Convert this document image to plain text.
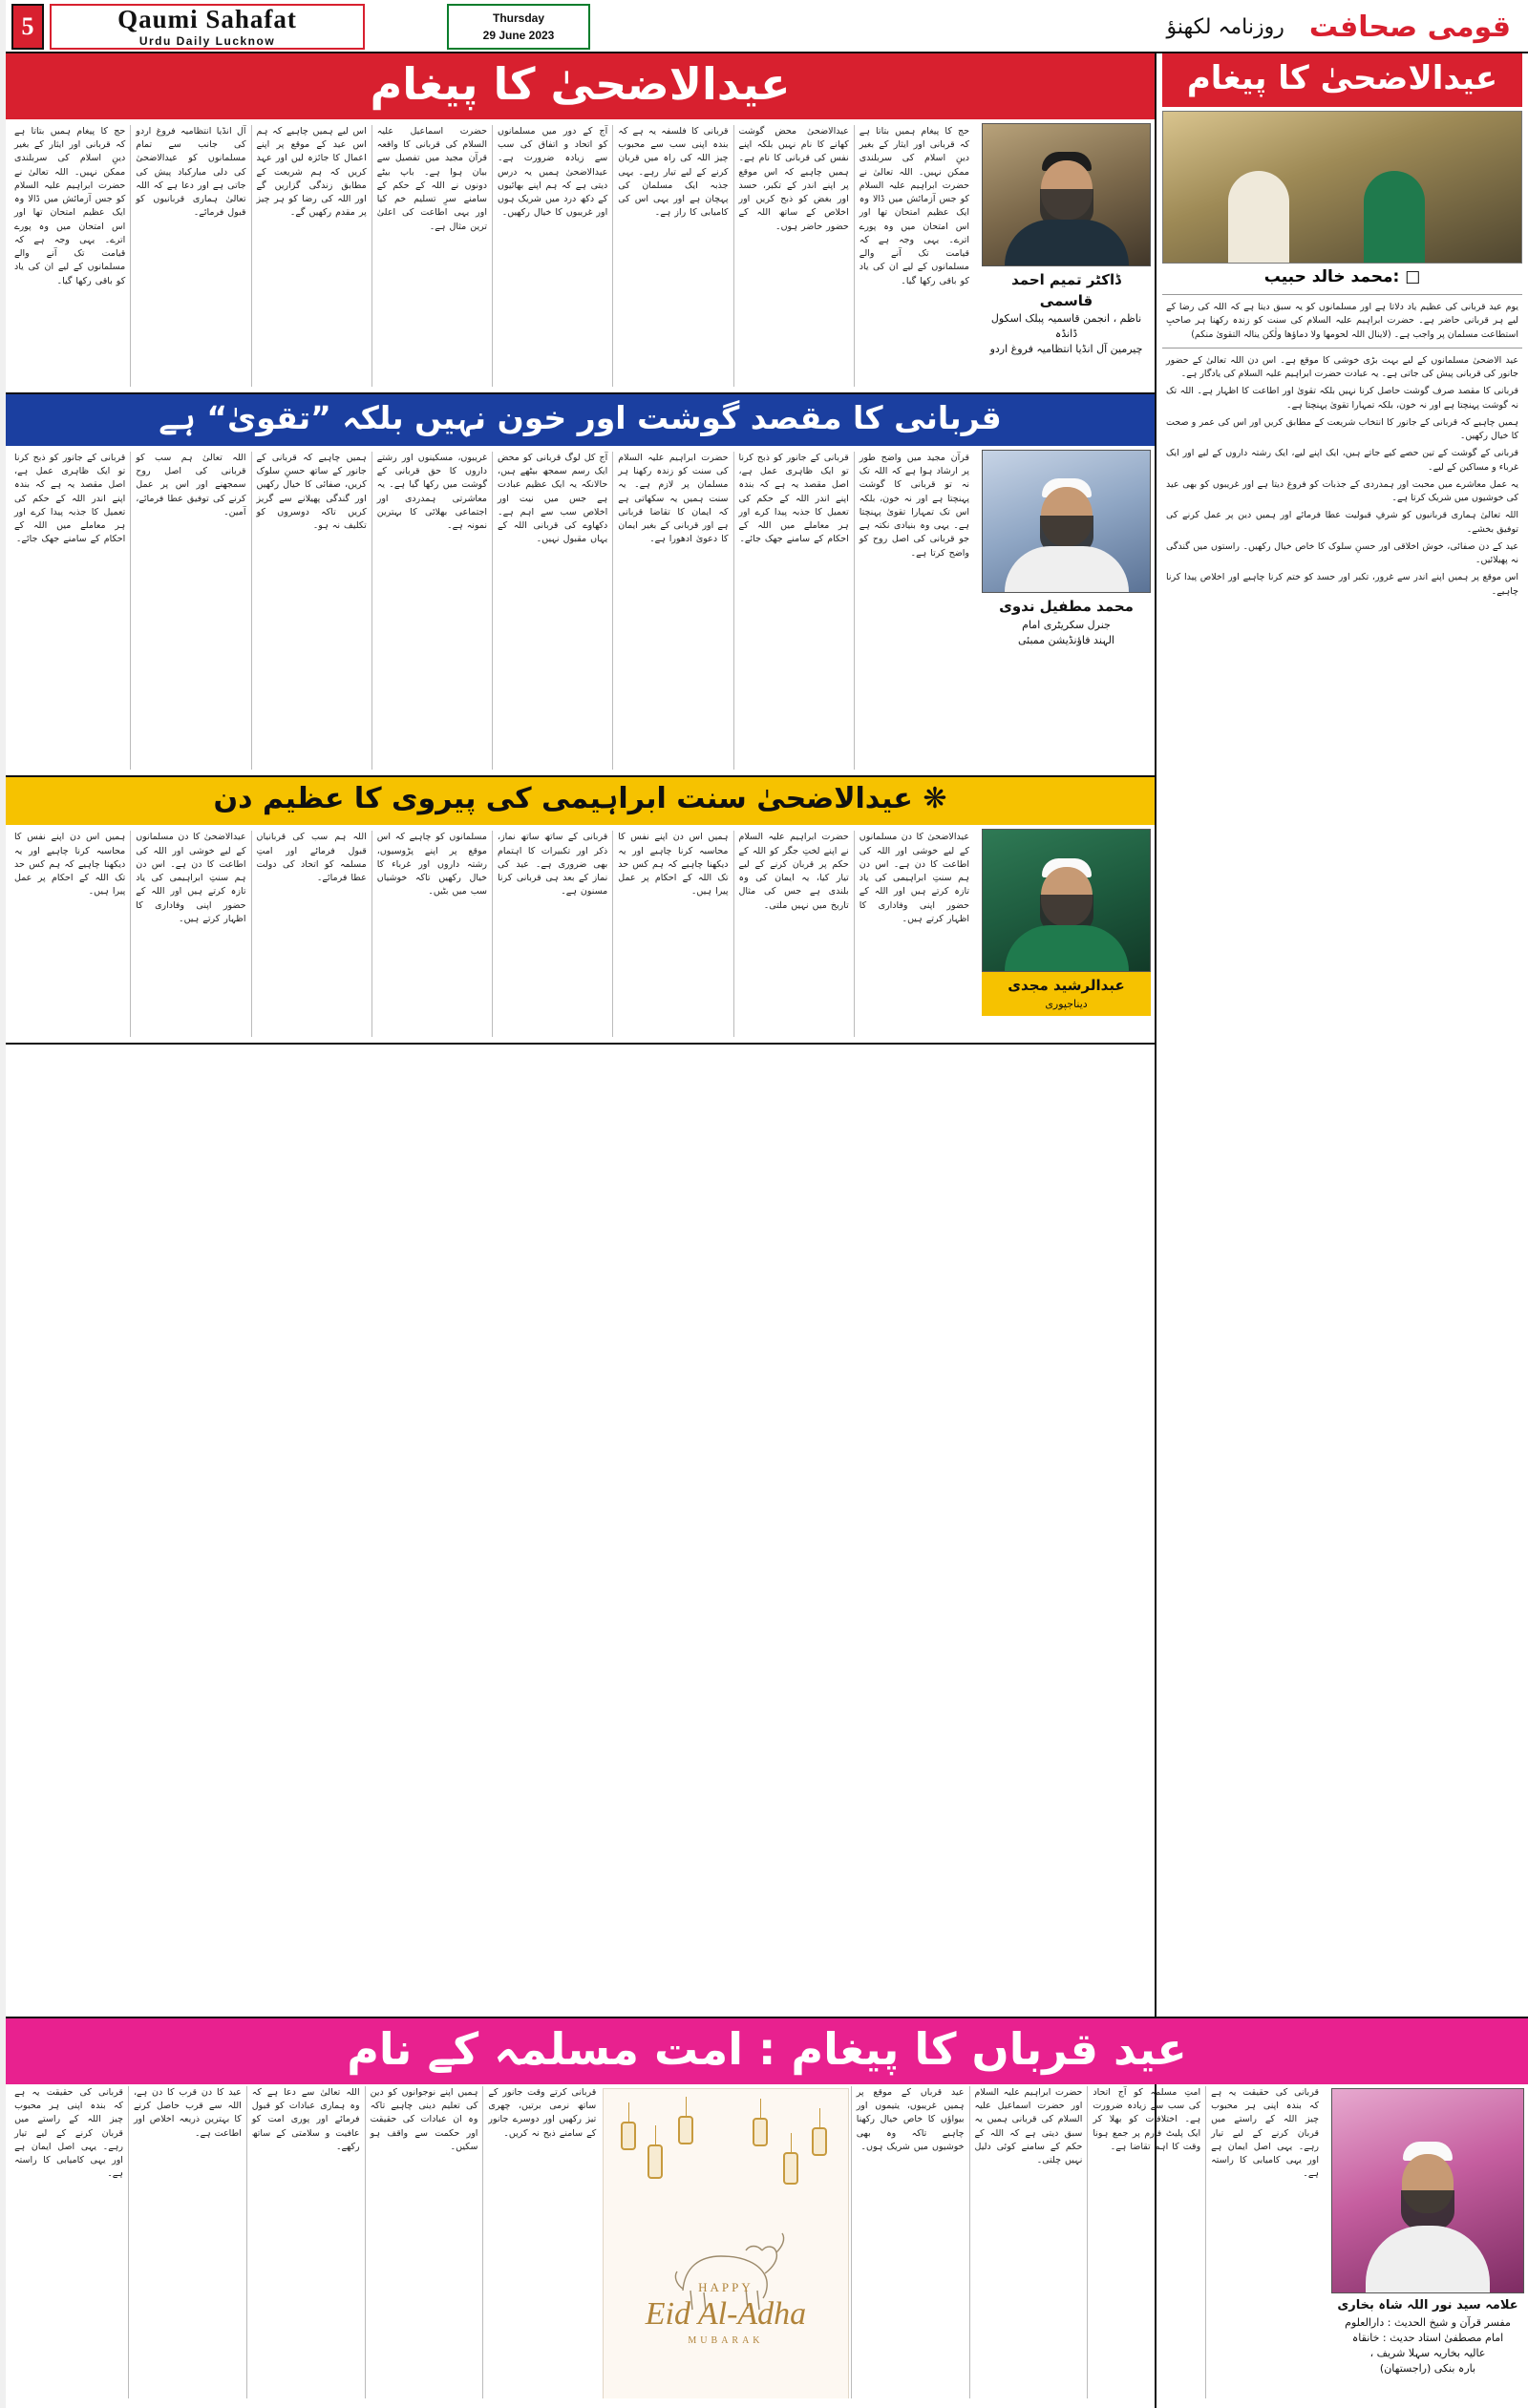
5	Qaumi Sahafat
Urdu Daily Lucknow
Thursday
29 June 2023	روزنامہ لکھنؤ قومی صحافت
عیدالاضحیٰ کا پیغام
ڈاکٹر تمیم احمد قاسمی
ناظم ، انجمن قاسمیہ پبلک اسکول ڈانڈہ
چیرمین آل انڈیا انتظامیہ فروغ اردو
حج کا پیغام ہمیں بتاتا ہے کہ قربانی اور ایثار کے بغیر دینِ اسلام کی سربلندی ممکن نہیں۔ اللہ تعالیٰ نے حضرت ابراہیم علیہ السلام کو جس آزمائش میں ڈالا وہ ایک عظیم امتحان تھا اور اس امتحان میں وہ پورے اترے۔ یہی وجہ ہے کہ قیامت تک آنے والے مسلمانوں کے لیے ان کی یاد کو باقی رکھا گیا۔
عیدالاضحیٰ محض گوشت کھانے کا نام نہیں بلکہ اپنے نفس کی قربانی کا نام ہے۔ ہمیں چاہیے کہ اس موقع پر اپنے اندر کے تکبر، حسد اور بغض کو ذبح کریں اور اخلاص کے ساتھ اللہ کے حضور حاضر ہوں۔
قربانی کا فلسفہ یہ ہے کہ بندہ اپنی سب سے محبوب چیز اللہ کی راہ میں قربان کرنے کے لیے تیار رہے۔ یہی جذبہ ایک مسلمان کی پہچان ہے اور یہی اس کی کامیابی کا راز ہے۔
آج کے دور میں مسلمانوں کو اتحاد و اتفاق کی سب سے زیادہ ضرورت ہے۔ عیدالاضحیٰ ہمیں یہ درس دیتی ہے کہ ہم اپنے بھائیوں کے دکھ درد میں شریک ہوں اور غریبوں کا خیال رکھیں۔
حضرت اسماعیل علیہ السلام کی قربانی کا واقعہ قرآن مجید میں تفصیل سے بیان ہوا ہے۔ باپ بیٹے دونوں نے اللہ کے حکم کے سامنے سرِ تسلیم خم کیا اور یہی اطاعت کی اعلیٰ ترین مثال ہے۔
اس لیے ہمیں چاہیے کہ ہم اس عید کے موقع پر اپنے اعمال کا جائزہ لیں اور عہد کریں کہ ہم شریعت کے مطابق زندگی گزاریں گے اور اللہ کی رضا کو ہر چیز پر مقدم رکھیں گے۔
آل انڈیا انتظامیہ فروغ اردو کی جانب سے تمام مسلمانوں کو عیدالاضحیٰ کی دلی مبارکباد پیش کی جاتی ہے اور دعا ہے کہ اللہ تعالیٰ ہماری قربانیوں کو قبول فرمائے۔
حج کا پیغام ہمیں بتاتا ہے کہ قربانی اور ایثار کے بغیر دینِ اسلام کی سربلندی ممکن نہیں۔ اللہ تعالیٰ نے حضرت ابراہیم علیہ السلام کو جس آزمائش میں ڈالا وہ ایک عظیم امتحان تھا اور اس امتحان میں وہ پورے اترے۔ یہی وجہ ہے کہ قیامت تک آنے والے مسلمانوں کے لیے ان کی یاد کو باقی رکھا گیا۔
قربانی کا مقصد گوشت اور خون نہیں بلکہ ”تقویٰ“ ہے
محمد مطفیل ندوی
جنرل سکریٹری امام
الہند فاؤنڈیشن ممبئی
قرآن مجید میں واضح طور پر ارشاد ہوا ہے کہ اللہ تک نہ تو قربانی کا گوشت پہنچتا ہے اور نہ خون، بلکہ اس تک تمہارا تقویٰ پہنچتا ہے۔ یہی وہ بنیادی نکتہ ہے جو قربانی کی اصل روح کو واضح کرتا ہے۔
قربانی کے جانور کو ذبح کرنا تو ایک ظاہری عمل ہے، اصل مقصد یہ ہے کہ بندہ اپنے اندر اللہ کے حکم کی تعمیل کا جذبہ پیدا کرے اور ہر معاملے میں اللہ کے احکام کے سامنے جھک جائے۔
حضرت ابراہیم علیہ السلام کی سنت کو زندہ رکھنا ہر مسلمان پر لازم ہے۔ یہ سنت ہمیں یہ سکھاتی ہے کہ ایمان کا تقاضا قربانی ہے اور قربانی کے بغیر ایمان کا دعویٰ ادھورا ہے۔
آج کل لوگ قربانی کو محض ایک رسم سمجھ بیٹھے ہیں، حالانکہ یہ ایک عظیم عبادت ہے جس میں نیت اور اخلاص سب سے اہم ہے۔ دکھاوے کی قربانی اللہ کے یہاں مقبول نہیں۔
غریبوں، مسکینوں اور رشتے داروں کا حق قربانی کے گوشت میں رکھا گیا ہے۔ یہ معاشرتی ہمدردی اور اجتماعی بھلائی کا بہترین نمونہ ہے۔
ہمیں چاہیے کہ قربانی کے جانور کے ساتھ حسنِ سلوک کریں، صفائی کا خیال رکھیں اور گندگی پھیلانے سے گریز کریں تاکہ دوسروں کو تکلیف نہ ہو۔
اللہ تعالیٰ ہم سب کو قربانی کی اصل روح سمجھنے اور اس پر عمل کرنے کی توفیق عطا فرمائے، آمین۔
قربانی کے جانور کو ذبح کرنا تو ایک ظاہری عمل ہے، اصل مقصد یہ ہے کہ بندہ اپنے اندر اللہ کے حکم کی تعمیل کا جذبہ پیدا کرے اور ہر معاملے میں اللہ کے احکام کے سامنے جھک جائے۔
❋ عیدالاضحیٰ سنت ابراہیمی کی پیروی کا عظیم دن
عبدالرشید مجدی
دیناجپوری
عیدالاضحیٰ کا دن مسلمانوں کے لیے خوشی اور اللہ کی اطاعت کا دن ہے۔ اس دن ہم سنتِ ابراہیمی کی یاد تازہ کرتے ہیں اور اللہ کے حضور اپنی وفاداری کا اظہار کرتے ہیں۔
حضرت ابراہیم علیہ السلام نے اپنے لختِ جگر کو اللہ کے حکم پر قربان کرنے کے لیے تیار کیا، یہ ایمان کی وہ بلندی ہے جس کی مثال تاریخ میں نہیں ملتی۔
ہمیں اس دن اپنے نفس کا محاسبہ کرنا چاہیے اور یہ دیکھنا چاہیے کہ ہم کس حد تک اللہ کے احکام پر عمل پیرا ہیں۔
قربانی کے ساتھ ساتھ نماز، ذکر اور تکبیرات کا اہتمام بھی ضروری ہے۔ عید کی نماز کے بعد ہی قربانی کرنا مسنون ہے۔
مسلمانوں کو چاہیے کہ اس موقع پر اپنے پڑوسیوں، رشتہ داروں اور غرباء کا خیال رکھیں تاکہ خوشیاں سب میں بٹیں۔
اللہ ہم سب کی قربانیاں قبول فرمائے اور امتِ مسلمہ کو اتحاد کی دولت عطا فرمائے۔
عیدالاضحیٰ کا دن مسلمانوں کے لیے خوشی اور اللہ کی اطاعت کا دن ہے۔ اس دن ہم سنتِ ابراہیمی کی یاد تازہ کرتے ہیں اور اللہ کے حضور اپنی وفاداری کا اظہار کرتے ہیں۔
ہمیں اس دن اپنے نفس کا محاسبہ کرنا چاہیے اور یہ دیکھنا چاہیے کہ ہم کس حد تک اللہ کے احکام پر عمل پیرا ہیں۔
عیدالاضحیٰ کا پیغام
□ :محمد خالد حبیب
یوم عید قربانی کی عظیم یاد دلاتا ہے اور مسلمانوں کو یہ سبق دیتا ہے کہ اللہ کی رضا کے لیے ہر قربانی حاضر ہے۔ حضرت ابراہیم علیہ السلام کی سنت کو زندہ رکھنا ہر صاحبِ استطاعت مسلمان پر واجب ہے۔ (لاینال اللہ لحومھا ولا دماؤھا ولٰکن ینالہ التقویٰ منکم)
عید الاضحیٰ مسلمانوں کے لیے بہت بڑی خوشی کا موقع ہے۔ اس دن اللہ تعالیٰ کے حضور جانور کی قربانی پیش کی جاتی ہے۔ یہ عبادت حضرت ابراہیم علیہ السلام کی یادگار ہے۔
قربانی کا مقصد صرف گوشت حاصل کرنا نہیں بلکہ تقویٰ اور اطاعت کا اظہار ہے۔ اللہ تک نہ گوشت پہنچتا ہے اور نہ خون، بلکہ تمہارا تقویٰ پہنچتا ہے۔
ہمیں چاہیے کہ قربانی کے جانور کا انتخاب شریعت کے مطابق کریں اور اس کی عمر و صحت کا خیال رکھیں۔
قربانی کے گوشت کے تین حصے کیے جاتے ہیں، ایک اپنے لیے، ایک رشتہ داروں کے لیے اور ایک غرباء و مساکین کے لیے۔
یہ عمل معاشرے میں محبت اور ہمدردی کے جذبات کو فروغ دیتا ہے اور غریبوں کو بھی عید کی خوشیوں میں شریک کرتا ہے۔
اللہ تعالیٰ ہماری قربانیوں کو شرفِ قبولیت عطا فرمائے اور ہمیں دین پر عمل کرنے کی توفیق بخشے۔
عید کے دن صفائی، خوش اخلاقی اور حسنِ سلوک کا خاص خیال رکھیں۔ راستوں میں گندگی نہ پھیلائیں۔
اس موقع پر ہمیں اپنے اندر سے غرور، تکبر اور حسد کو ختم کرنا چاہیے اور اخلاص پیدا کرنا چاہیے۔
عید قرباں کا پیغام : امت مسلمہ کے نام
علامہ سید نور اللہ شاہ بخاری
مفسر قرآن و شیخ الحدیث : دارالعلوم
امام مصطفیٰ استاد حدیث : خانقاہ
عالیہ بخاریہ سہلا شریف ،
بارہ بنکی (راجستھان)
قربانی کی حقیقت یہ ہے کہ بندہ اپنی ہر محبوب چیز اللہ کے راستے میں قربان کرنے کے لیے تیار رہے۔ یہی اصل ایمان ہے اور یہی کامیابی کا راستہ ہے۔
امتِ مسلمہ کو آج اتحاد کی سب سے زیادہ ضرورت ہے۔ اختلافات کو بھلا کر ایک پلیٹ فارم پر جمع ہونا وقت کا اہم تقاضا ہے۔
حضرت ابراہیم علیہ السلام اور حضرت اسماعیل علیہ السلام کی قربانی ہمیں یہ سبق دیتی ہے کہ اللہ کے حکم کے سامنے کوئی دلیل نہیں چلتی۔
عید قرباں کے موقع پر ہمیں غریبوں، یتیموں اور بیواؤں کا خاص خیال رکھنا چاہیے تاکہ وہ بھی خوشیوں میں شریک ہوں۔
HAPPY
Eid Al-Adha
MUBARAK
قربانی کرتے وقت جانور کے ساتھ نرمی برتیں، چھری تیز رکھیں اور دوسرے جانور کے سامنے ذبح نہ کریں۔
ہمیں اپنے نوجوانوں کو دین کی تعلیم دینی چاہیے تاکہ وہ ان عبادات کی حقیقت اور حکمت سے واقف ہو سکیں۔
اللہ تعالیٰ سے دعا ہے کہ وہ ہماری عبادات کو قبول فرمائے اور پوری امت کو عافیت و سلامتی کے ساتھ رکھے۔
عید کا دن قرب کا دن ہے، اللہ سے قرب حاصل کرنے کا بہترین ذریعہ اخلاص اور اطاعت ہے۔
قربانی کی حقیقت یہ ہے کہ بندہ اپنی ہر محبوب چیز اللہ کے راستے میں قربان کرنے کے لیے تیار رہے۔ یہی اصل ایمان ہے اور یہی کامیابی کا راستہ ہے۔
